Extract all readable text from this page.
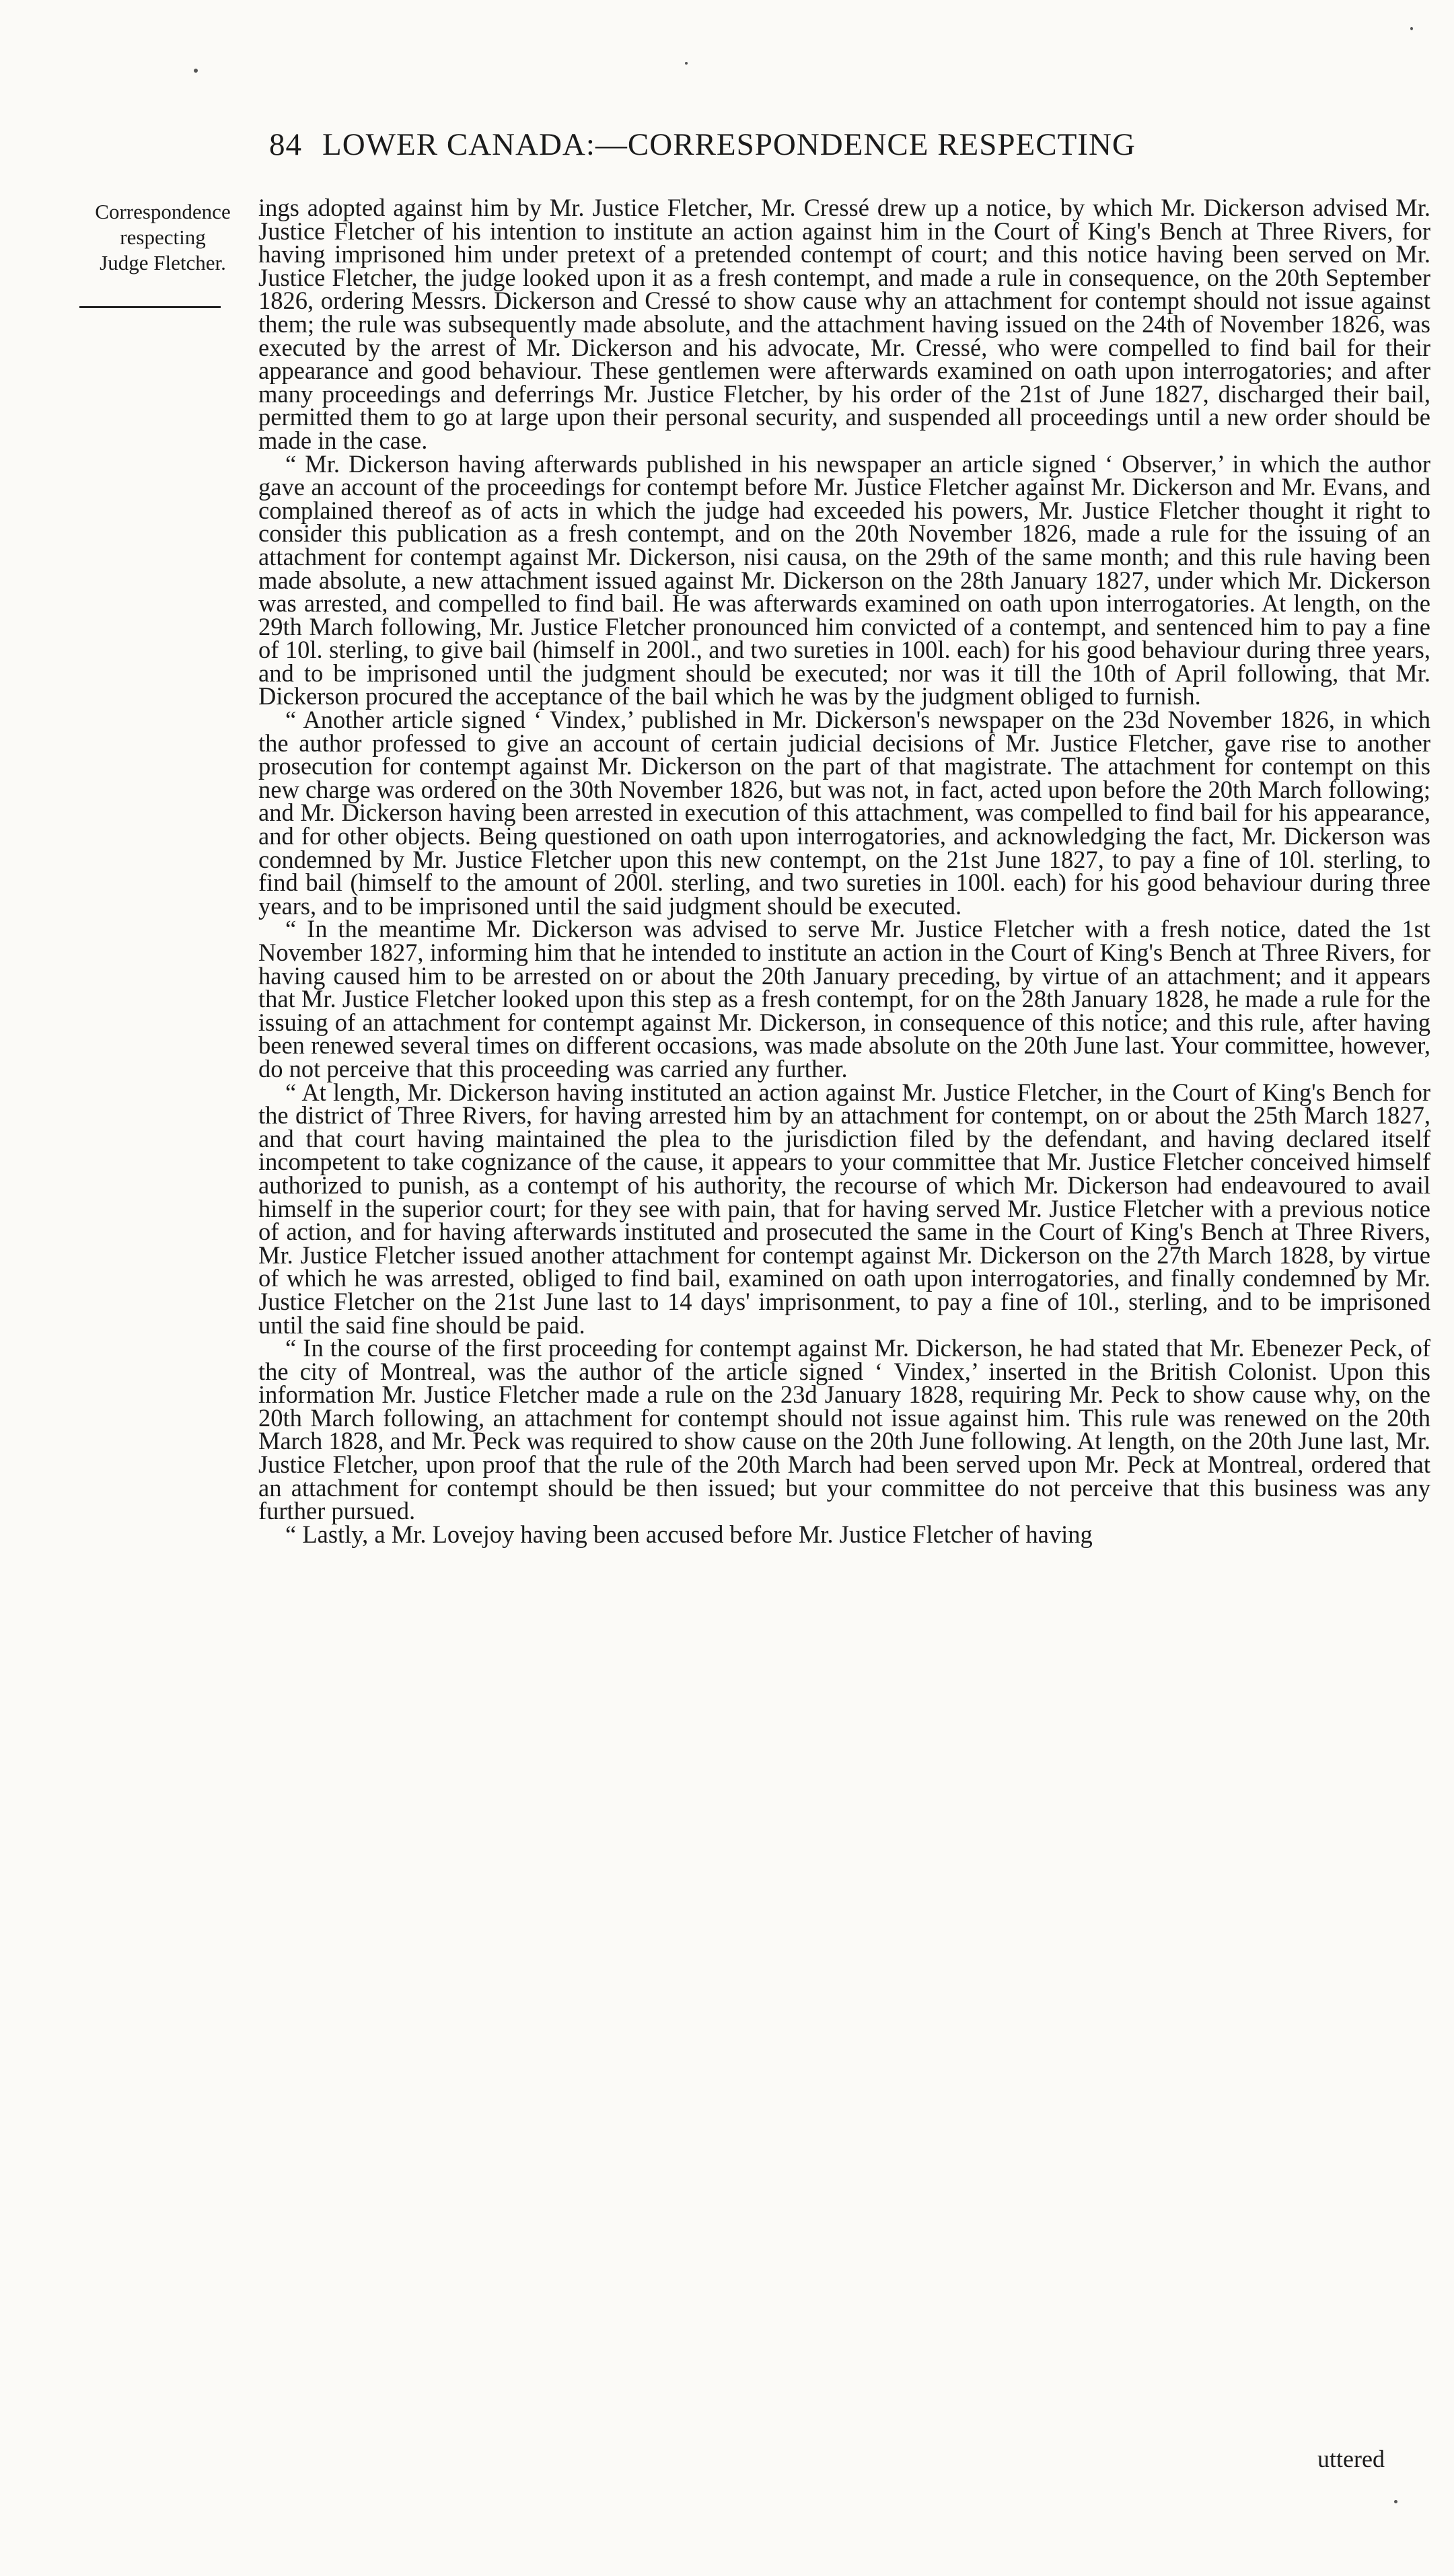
84 LOWER CANADA:—CORRESPONDENCE RESPECTING
Correspondence
respecting
Judge Fletcher.

ings adopted against him by Mr. Justice Fletcher, Mr. Cressé drew up a notice, by which Mr. Dickerson advised Mr. Justice Fletcher of his intention to institute an action against him in the Court of King's Bench at Three Rivers, for having imprisoned him under pretext of a pretended contempt of court; and this notice having been served on Mr. Justice Fletcher, the judge looked upon it as a fresh contempt, and made a rule in consequence, on the 20th September 1826, ordering Messrs. Dickerson and Cressé to show cause why an attachment for contempt should not issue against them; the rule was subsequently made absolute, and the attachment having issued on the 24th of November 1826, was executed by the arrest of Mr. Dickerson and his advocate, Mr. Cressé, who were compelled to find bail for their appearance and good behaviour. These gentlemen were afterwards examined on oath upon interrogatories; and after many proceedings and deferrings Mr. Justice Fletcher, by his order of the 21st of June 1827, discharged their bail, permitted them to go at large upon their personal security, and suspended all proceedings until a new order should be made in the case.

“ Mr. Dickerson having afterwards published in his newspaper an article signed ‘ Observer,’ in which the author gave an account of the proceedings for contempt before Mr. Justice Fletcher against Mr. Dickerson and Mr. Evans, and complained thereof as of acts in which the judge had exceeded his powers, Mr. Justice Fletcher thought it right to consider this publication as a fresh contempt, and on the 20th November 1826, made a rule for the issuing of an attachment for contempt against Mr. Dickerson, nisi causa, on the 29th of the same month; and this rule having been made absolute, a new attachment issued against Mr. Dickerson on the 28th January 1827, under which Mr. Dickerson was arrested, and compelled to find bail. He was afterwards examined on oath upon interrogatories. At length, on the 29th March following, Mr. Justice Fletcher pronounced him convicted of a contempt, and sentenced him to pay a fine of 10l. sterling, to give bail (himself in 200l., and two sureties in 100l. each) for his good behaviour during three years, and to be imprisoned until the judgment should be executed; nor was it till the 10th of April following, that Mr. Dickerson procured the acceptance of the bail which he was by the judgment obliged to furnish.

“ Another article signed ‘ Vindex,’ published in Mr. Dickerson's newspaper on the 23d November 1826, in which the author professed to give an account of certain judicial decisions of Mr. Justice Fletcher, gave rise to another prosecution for contempt against Mr. Dickerson on the part of that magistrate. The attachment for contempt on this new charge was ordered on the 30th November 1826, but was not, in fact, acted upon before the 20th March following; and Mr. Dickerson having been arrested in execution of this attachment, was compelled to find bail for his appearance, and for other objects. Being questioned on oath upon interrogatories, and acknowledging the fact, Mr. Dickerson was condemned by Mr. Justice Fletcher upon this new contempt, on the 21st June 1827, to pay a fine of 10l. sterling, to find bail (himself to the amount of 200l. sterling, and two sureties in 100l. each) for his good behaviour during three years, and to be imprisoned until the said judgment should be executed.

“ In the meantime Mr. Dickerson was advised to serve Mr. Justice Fletcher with a fresh notice, dated the 1st November 1827, informing him that he intended to institute an action in the Court of King's Bench at Three Rivers, for having caused him to be arrested on or about the 20th January preceding, by virtue of an attachment; and it appears that Mr. Justice Fletcher looked upon this step as a fresh contempt, for on the 28th January 1828, he made a rule for the issuing of an attachment for contempt against Mr. Dickerson, in consequence of this notice; and this rule, after having been renewed several times on different occasions, was made absolute on the 20th June last. Your committee, however, do not perceive that this proceeding was carried any further.

“ At length, Mr. Dickerson having instituted an action against Mr. Justice Fletcher, in the Court of King's Bench for the district of Three Rivers, for having arrested him by an attachment for contempt, on or about the 25th March 1827, and that court having maintained the plea to the jurisdiction filed by the defendant, and having declared itself incompetent to take cognizance of the cause, it appears to your committee that Mr. Justice Fletcher conceived himself authorized to punish, as a contempt of his authority, the recourse of which Mr. Dickerson had endeavoured to avail himself in the superior court; for they see with pain, that for having served Mr. Justice Fletcher with a previous notice of action, and for having afterwards instituted and prosecuted the same in the Court of King's Bench at Three Rivers, Mr. Justice Fletcher issued another attachment for contempt against Mr. Dickerson on the 27th March 1828, by virtue of which he was arrested, obliged to find bail, examined on oath upon interrogatories, and finally condemned by Mr. Justice Fletcher on the 21st June last to 14 days' imprisonment, to pay a fine of 10l., sterling, and to be imprisoned until the said fine should be paid.

“ In the course of the first proceeding for contempt against Mr. Dickerson, he had stated that Mr. Ebenezer Peck, of the city of Montreal, was the author of the article signed ‘ Vindex,’ inserted in the British Colonist. Upon this information Mr. Justice Fletcher made a rule on the 23d January 1828, requiring Mr. Peck to show cause why, on the 20th March following, an attachment for contempt should not issue against him. This rule was renewed on the 20th March 1828, and Mr. Peck was required to show cause on the 20th June following. At length, on the 20th June last, Mr. Justice Fletcher, upon proof that the rule of the 20th March had been served upon Mr. Peck at Montreal, ordered that an attachment for contempt should be then issued; but your committee do not perceive that this business was any further pursued.

“ Lastly, a Mr. Lovejoy having been accused before Mr. Justice Fletcher of having

uttered
